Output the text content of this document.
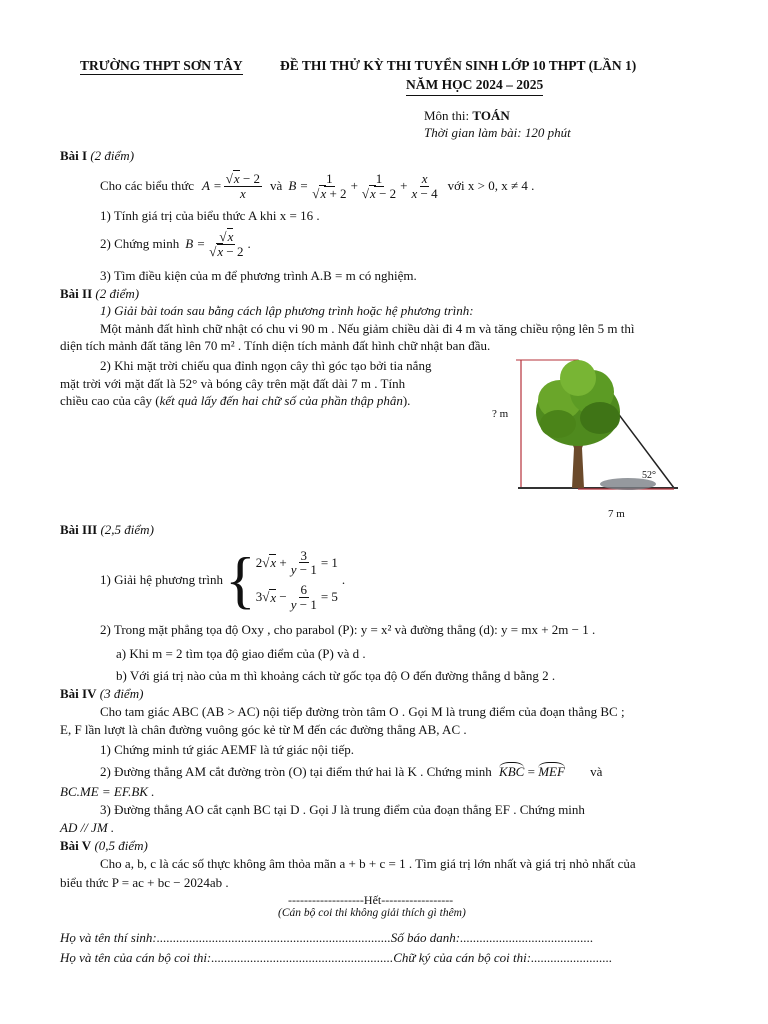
TRƯỜNG THPT SƠN TÂY	ĐỀ THI THỬ KỲ THI TUYỂN SINH LỚP 10 THPT (LẦN 1)
NĂM HỌC 2024 – 2025
Môn thi: TOÁN
Thời gian làm bài: 120 phút
Bài I (2 điểm)
Cho các biểu thức A = √ $\frac{x - 2}{x}$ và B = 1
√ x + 2 + 1
√ $x - 2 + \frac{x}{x - 4}$ với x > 0, x ≠ 4 .
1) Tính giá trị của biểu thức A khi x = 16 .
2) Chứng minh B = √ x
√ x − 2 .
3) Tìm điều kiện của m để phương trình A.B = m có nghiệm.
Bài II (2 điểm)
1) Giải bài toán sau bằng cách lập phương trình hoặc hệ phương trình:
Một mảnh đất hình chữ nhật có chu vi 90 m . Nếu giảm chiều dài đi 4 m và tăng chiều rộng lên 5 m thì
diện tích mảnh đất tăng lên 70 m² . Tính diện tích mảnh đất hình chữ nhật ban đầu.
2) Khi mặt trời chiếu qua đỉnh ngọn cây thì góc tạo bởi tia nắng
mặt trời với mặt đất là 52° và bóng cây trên mặt đất dài 7 m . Tính
chiều cao của cây (kết quả lấy đến hai chữ số của phần thập phân).
? m
52°
7 m
Bài III (2,5 điểm)
1) Giải hệ phương trình { 2 √ $x + \frac{3}{y - 1} = 1$
3 √ $x - \frac{6}{y - 1} = 5$
.
2) Trong mặt phẳng tọa độ Oxy , cho parabol (P): y = x² và đường thẳng (d): y = mx + 2m − 1 .
a) Khi m = 2 tìm tọa độ giao điểm của (P) và d .
b) Với giá trị nào của m thì khoảng cách từ gốc tọa độ O đến đường thẳng d bằng 2 .
Bài IV (3 điểm)
Cho tam giác ABC (AB > AC) nội tiếp đường tròn tâm O . Gọi M là trung điểm của đoạn thẳng BC ;
E, F lần lượt là chân đường vuông góc kẻ từ M đến các đường thẳng AB, AC .
1) Chứng minh tứ giác AEMF là tứ giác nội tiếp.
2) Đường thẳng AM cắt đường tròn (O) tại điểm thứ hai là K . Chứng minh KBC = MEF và
BC.ME = EF.BK .
3) Đường thẳng AO cắt cạnh BC tại D . Gọi J là trung điểm của đoạn thẳng EF . Chứng minh
AD // JM .
Bài V (0,5 điểm)
Cho a, b, c là các số thực không âm thỏa mãn a + b + c = 1 . Tìm giá trị lớn nhất và giá trị nhỏ nhất của
biểu thức P = ac + bc − 2024ab .
-------------------Hết------------------
(Cán bộ coi thi không giải thích gì thêm)
Họ và tên thí sinh:........................................................................Số báo danh:.........................................
Họ và tên của cán bộ coi thi:........................................................Chữ ký của cán bộ coi thi:.........................
